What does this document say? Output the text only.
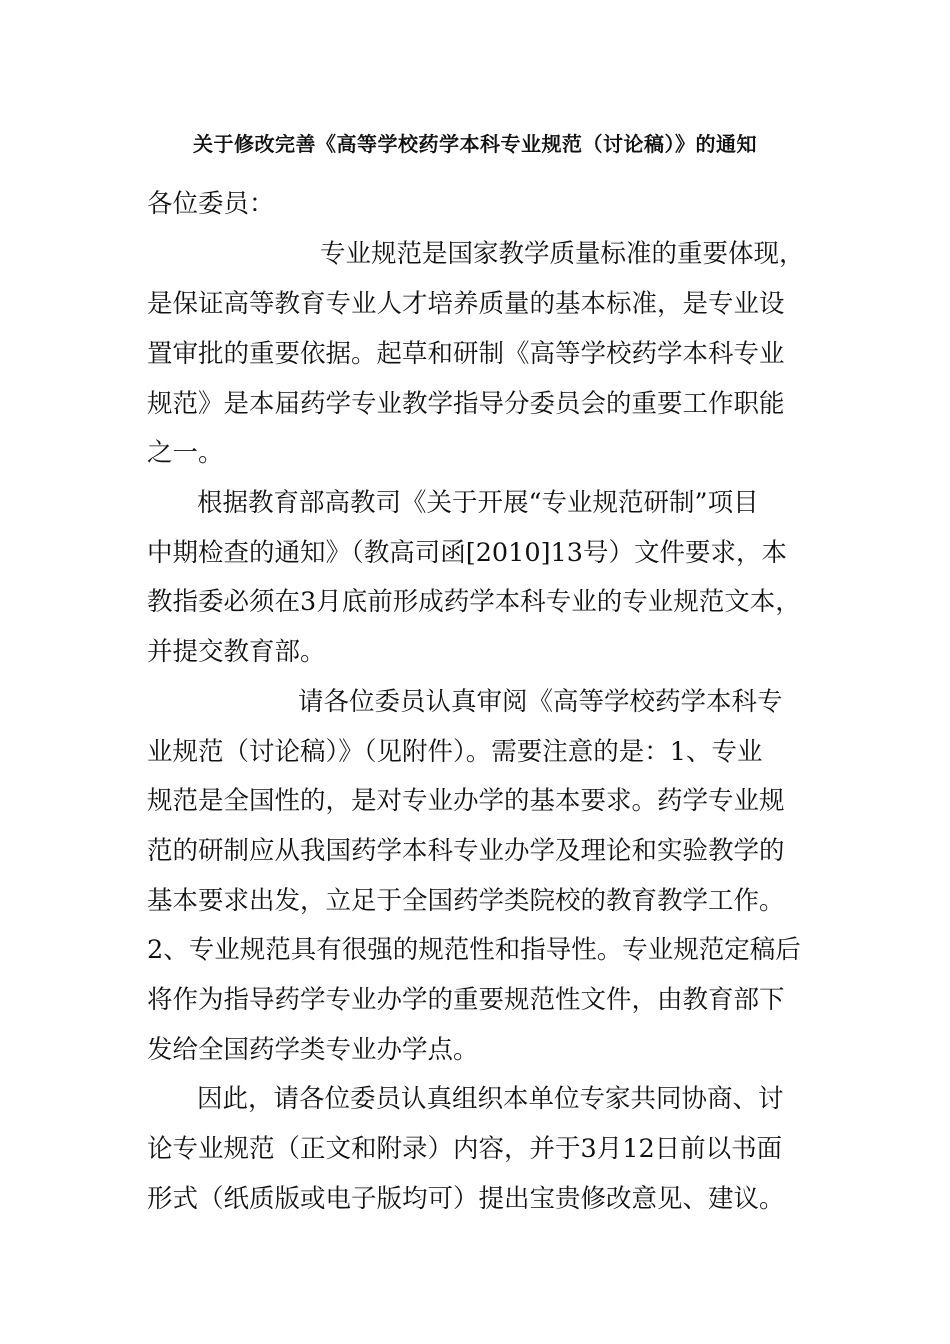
关于修改完善《高等学校药学本科专业规范（讨论稿）》的通知
各位委员：
专业规范是国家教学质量标准的重要体现，
是保证高等教育专业人才培养质量的基本标准，是专业设
置审批的重要依据。起草和研制《高等学校药学本科专业
规范》是本届药学专业教学指导分委员会的重要工作职能
之一。
根据教育部高教司《关于开展“专业规范研制”项目
中期检查的通知》（教高司函[2010]13号）文件要求，本
教指委必须在3月底前形成药学本科专业的专业规范文本，
并提交教育部。
请各位委员认真审阅《高等学校药学本科专
业规范（讨论稿）》（见附件）。需要注意的是：1、专业
规范是全国性的，是对专业办学的基本要求。药学专业规
范的研制应从我国药学本科专业办学及理论和实验教学的
基本要求出发，立足于全国药学类院校的教育教学工作。
2、专业规范具有很强的规范性和指导性。专业规范定稿后
将作为指导药学专业办学的重要规范性文件，由教育部下
发给全国药学类专业办学点。
因此，请各位委员认真组织本单位专家共同协商、讨
论专业规范（正文和附录）内容，并于3月12日前以书面
形式（纸质版或电子版均可）提出宝贵修改意见、建议。
